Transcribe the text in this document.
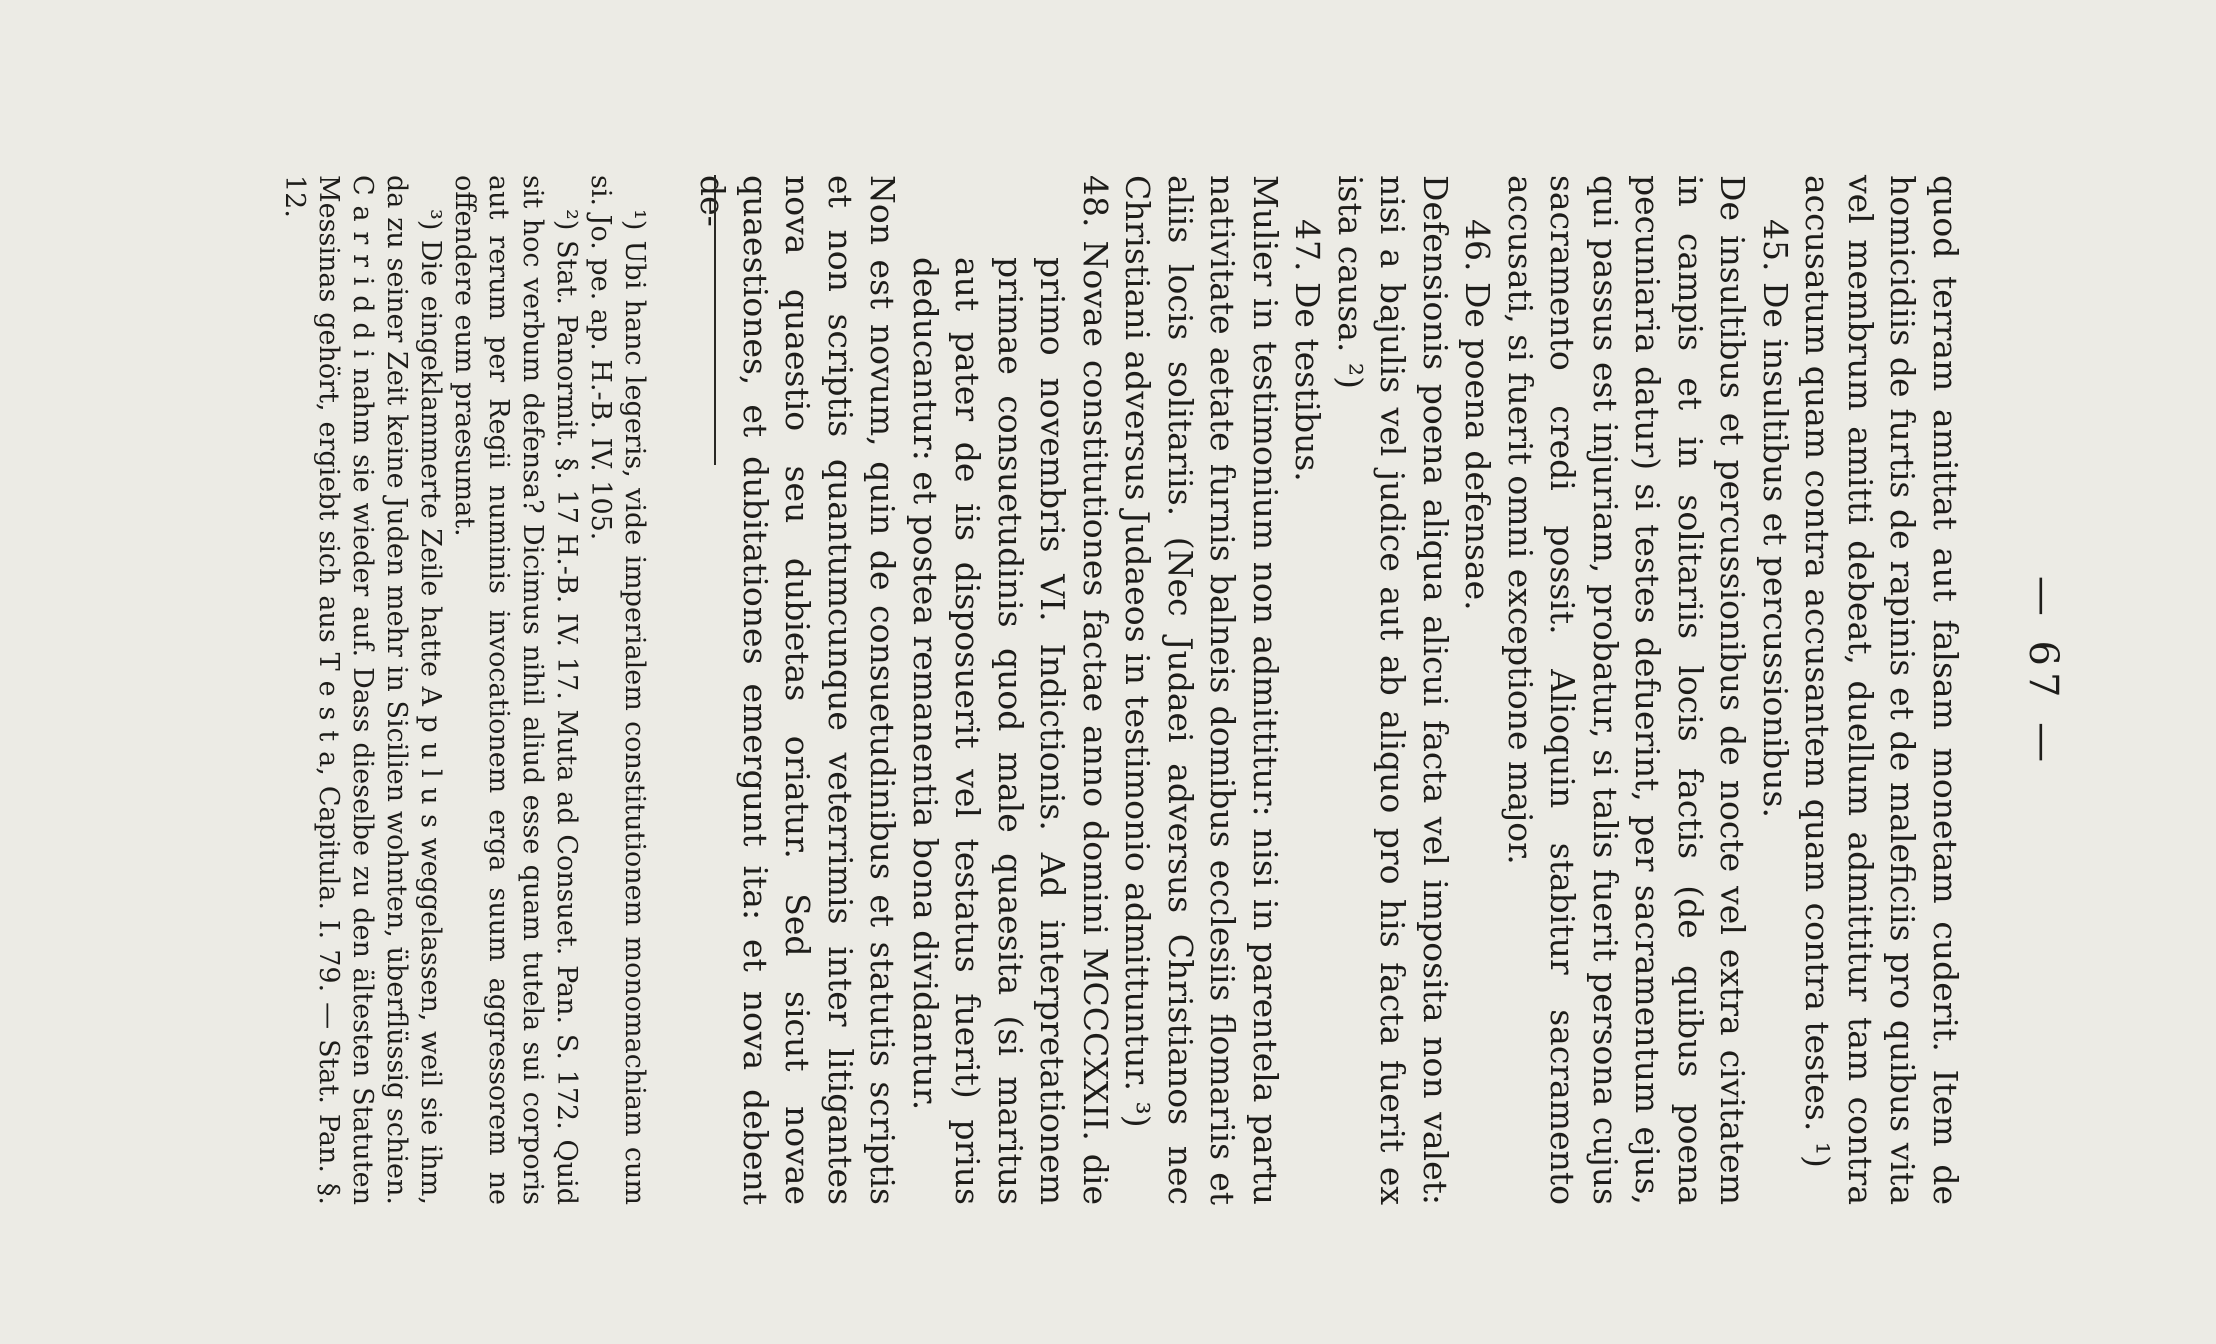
— 67 —

quod terram amittat aut falsam monetam cuderit. Item de homicidiis de furtis de rapinis et de maleficiis pro quibus vita vel membrum amitti debeat, duellum admittitur tam contra accusatum quam contra accusantem quam contra testes. ¹)

45. De insultibus et percussionibus.

De insultibus et percussionibus de nocte vel extra civitatem in campis et in solitariis locis factis (de quibus poena pecuniaria datur) si testes defuerint, per sacramentum ejus, qui passus est injuriam, probatur, si talis fuerit persona cujus sacramento credi possit. Alioquin stabitur sacramento accusati, si fuerit omni exceptione major.

46. De poena defensae.

Defensionis poena aliqua alicui facta vel imposita non valet: nisi a bajulis vel judice aut ab aliquo pro his facta fuerit ex ista causa. ²)

47. De testibus.

Mulier in testimonium non admittitur: nisi in parentela partu nativitate aetate furnis balneis domibus ecclesiis flomariis et aliis locis solitariis. (Nec Judaei adversus Christianos nec Christiani adversus Judaeos in testimonio admittuntur. ³)

48. Novae constitutiones factae anno domini MCCCXXII. die primo novembris VI. Indictionis. Ad interpretationem primae consuetudinis quod male quaesita (si maritus aut pater de iis disposuerit vel testatus fuerit) prius deducantur: et postea remanentia bona dividantur.

Non est novum, quin de consuetudinibus et statutis scriptis et non scriptis quantumcunque veterrimis inter litigantes nova quaestio seu dubietas oriatur. Sed sicut novae quaestiones, et dubitationes emergunt ita: et nova debent de-

¹) Ubi hanc legeris, vide imperialem constitutionem monomachiam cum si. Jo. pe. ap. H.-B. IV. 105.

²) Stat. Panormit. §. 17 H.-B. IV. 17. Muta ad Consuet. Pan. S. 172. Quid sit hoc verbum defensa? Dicimus nihil aliud esse quam tutela sui corporis aut rerum per Regii numinis invocationem erga suum aggressorem ne offendere eum praesumat.

³) Die eingeklammerte Zeile hatte A p u l u s weggelassen, weil sie ihm, da zu seiner Zeit keine Juden mehr in Sicilien wohnten, überflüssig schien. C a r r i d d i nahm sie wieder auf. Dass dieselbe zu den ältesten Statuten Messinas gehört, ergiebt sich aus T e s t a, Capitula. I. 79. — Stat. Pan. §. 12.
